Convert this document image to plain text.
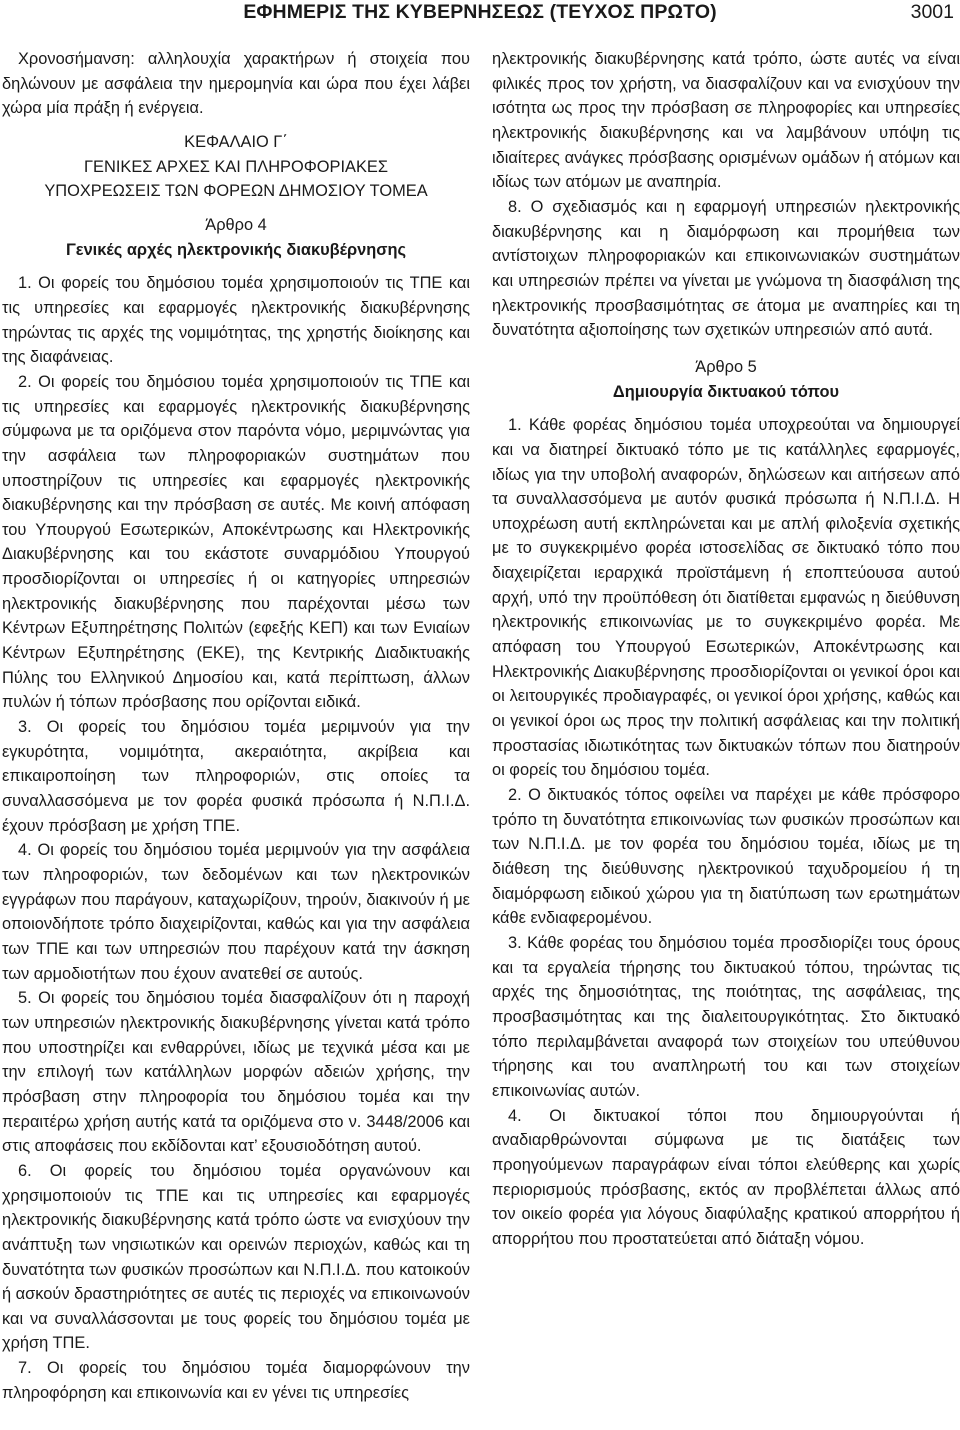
ΕΦΗΜΕΡΙΣ ΤΗΣ ΚΥΒΕΡΝΗΣΕΩΣ (ΤΕΥΧΟΣ ΠΡΩΤΟ)	3001

Χρονοσήμανση: αλληλουχία χαρακτήρων ή στοιχεία που δηλώνουν με ασφάλεια την ημερομηνία και ώρα που έχει λάβει χώρα μία πράξη ή ενέργεια.

ΚΕΦΑΛΑΙΟ Γ΄

ΓΕΝΙΚΕΣ ΑΡΧΕΣ ΚΑΙ ΠΛΗΡΟΦΟΡΙΑΚΕΣ

ΥΠΟΧΡΕΩΣΕΙΣ ΤΩΝ ΦΟΡΕΩΝ ΔΗΜΟΣΙΟΥ ΤΟΜΕΑ

Άρθρο 4

Γενικές αρχές ηλεκτρονικής διακυβέρνησης

1. Οι φορείς του δημόσιου τομέα χρησιμοποιούν τις ΤΠΕ και τις υπηρεσίες και εφαρμογές ηλεκτρονικής διακυβέρνησης τηρώντας τις αρχές της νομιμότητας, της χρηστής διοίκησης και της διαφάνειας.

2. Οι φορείς του δημόσιου τομέα χρησιμοποιούν τις ΤΠΕ και τις υπηρεσίες και εφαρμογές ηλεκτρονικής διακυβέρνησης σύμφωνα με τα οριζόμενα στον παρόντα νόμο, μεριμνώντας για την ασφάλεια των πληροφοριακών συστημάτων που υποστηρίζουν τις υπηρεσίες και εφαρμογές ηλεκτρονικής διακυβέρνησης και την πρόσβαση σε αυτές. Με κοινή απόφαση του Υπουργού Εσωτερικών, Αποκέντρωσης και Ηλεκτρονικής Διακυβέρνησης και του εκάστοτε συναρμόδιου Υπουργού προσδιορίζονται οι υπηρεσίες ή οι κατηγορίες υπηρεσιών ηλεκτρονικής διακυβέρνησης που παρέχονται μέσω των Κέντρων Εξυπηρέτησης Πολιτών (εφεξής ΚΕΠ) και των Ενιαίων Κέντρων Εξυπηρέτησης (ΕΚΕ), της Κεντρικής Διαδικτυακής Πύλης του Ελληνικού Δημοσίου και, κατά περίπτωση, άλλων πυλών ή τόπων πρόσβασης που ορίζονται ειδικά.

3. Οι φορείς του δημόσιου τομέα μεριμνούν για την εγκυρότητα, νομιμότητα, ακεραιότητα, ακρίβεια και επικαιροποίηση των πληροφοριών, στις οποίες τα συναλλασσόμενα με τον φορέα φυσικά πρόσωπα ή Ν.Π.Ι.Δ. έχουν πρόσβαση με χρήση ΤΠΕ.

4. Οι φορείς του δημόσιου τομέα μεριμνούν για την ασφάλεια των πληροφοριών, των δεδομένων και των ηλεκτρονικών εγγράφων που παράγουν, καταχωρίζουν, τηρούν, διακινούν ή με οποιονδήποτε τρόπο διαχειρίζονται, καθώς και για την ασφάλεια των ΤΠΕ και των υπηρεσιών που παρέχουν κατά την άσκηση των αρμοδιοτήτων που έχουν ανατεθεί σε αυτούς.

5. Οι φορείς του δημόσιου τομέα διασφαλίζουν ότι η παροχή των υπηρεσιών ηλεκτρονικής διακυβέρνησης γίνεται κατά τρόπο που υποστηρίζει και ενθαρρύνει, ιδίως με τεχνικά μέσα και με την επιλογή των κατάλληλων μορφών αδειών χρήσης, την πρόσβαση στην πληροφορία του δημόσιου τομέα και την περαιτέρω χρήση αυτής κατά τα οριζόμενα στο ν. 3448/2006 και στις αποφάσεις που εκδίδονται κατ’ εξουσιοδότηση αυτού.

6. Οι φορείς του δημόσιου τομέα οργανώνουν και χρησιμοποιούν τις ΤΠΕ και τις υπηρεσίες και εφαρμογές ηλεκτρονικής διακυβέρνησης κατά τρόπο ώστε να ενισχύουν την ανάπτυξη των νησιωτικών και ορεινών περιοχών, καθώς και τη δυνατότητα των φυσικών προσώπων και Ν.Π.Ι.Δ. που κατοικούν ή ασκούν δραστηριότητες σε αυτές τις περιοχές να επικοινωνούν και να συναλλάσσονται με τους φορείς του δημόσιου τομέα με χρήση ΤΠΕ.

7. Οι φορείς του δημόσιου τομέα διαμορφώνουν την πληροφόρηση και επικοινωνία και εν γένει τις υπηρεσίες

ηλεκτρονικής διακυβέρνησης κατά τρόπο, ώστε αυτές να είναι φιλικές προς τον χρήστη, να διασφαλίζουν και να ενισχύουν την ισότητα ως προς την πρόσβαση σε πληροφορίες και υπηρεσίες ηλεκτρονικής διακυβέρνησης και να λαμβάνουν υπόψη τις ιδιαίτερες ανάγκες πρόσβασης ορισμένων ομάδων ή ατόμων και ιδίως των ατόμων με αναπηρία.

8. Ο σχεδιασμός και η εφαρμογή υπηρεσιών ηλεκτρονικής διακυβέρνησης και η διαμόρφωση και προμήθεια των αντίστοιχων πληροφοριακών και επικοινωνιακών συστημάτων και υπηρεσιών πρέπει να γίνεται με γνώμονα τη διασφάλιση της ηλεκτρονικής προσβασιμότητας σε άτομα με αναπηρίες και τη δυνατότητα αξιοποίησης των σχετικών υπηρεσιών από αυτά.

Άρθρο 5

Δημιουργία δικτυακού τόπου

1. Κάθε φορέας δημόσιου τομέα υποχρεούται να δημιουργεί και να διατηρεί δικτυακό τόπο με τις κατάλληλες εφαρμογές, ιδίως για την υποβολή αναφορών, δηλώσεων και αιτήσεων από τα συναλλασσόμενα με αυτόν φυσικά πρόσωπα ή Ν.Π.Ι.Δ. Η υποχρέωση αυτή εκπληρώνεται και με απλή φιλοξενία σχετικής με το συγκεκριμένο φορέα ιστοσελίδας σε δικτυακό τόπο που διαχειρίζεται ιεραρχικά προϊστάμενη ή εποπτεύουσα αυτού αρχή, υπό την προϋπόθεση ότι διατίθεται εμφανώς η διεύθυνση ηλεκτρονικής επικοινωνίας με το συγκεκριμένο φορέα. Με απόφαση του Υπουργού Εσωτερικών, Αποκέντρωσης και Ηλεκτρονικής Διακυβέρνησης προσδιορίζονται οι γενικοί όροι και οι λειτουργικές προδιαγραφές, οι γενικοί όροι χρήσης, καθώς και οι γενικοί όροι ως προς την πολιτική ασφάλειας και την πολιτική προστασίας ιδιωτικότητας των δικτυακών τόπων που διατηρούν οι φορείς του δημόσιου τομέα.

2. Ο δικτυακός τόπος οφείλει να παρέχει με κάθε πρόσφορο τρόπο τη δυνατότητα επικοινωνίας των φυσικών προσώπων και των Ν.Π.Ι.Δ. με τον φορέα του δημόσιου τομέα, ιδίως με τη διάθεση της διεύθυνσης ηλεκτρονικού ταχυδρομείου ή τη διαμόρφωση ειδικού χώρου για τη διατύπωση των ερωτημάτων κάθε ενδιαφερομένου.

3. Κάθε φορέας του δημόσιου τομέα προσδιορίζει τους όρους και τα εργαλεία τήρησης του δικτυακού τόπου, τηρώντας τις αρχές της δημοσιότητας, της ποιότητας, της ασφάλειας, της προσβασιμότητας και της διαλειτουργικότητας. Στο δικτυακό τόπο περιλαμβάνεται αναφορά των στοιχείων του υπεύθυνου τήρησης και του αναπληρωτή του και των στοιχείων επικοινωνίας αυτών.

4. Οι δικτυακοί τόποι που δημιουργούνται ή αναδιαρθρώνονται σύμφωνα με τις διατάξεις των προηγούμενων παραγράφων είναι τόποι ελεύθερης και χωρίς περιορισμούς πρόσβασης, εκτός αν προβλέπεται άλλως από τον οικείο φορέα για λόγους διαφύλαξης κρατικού απορρήτου ή απορρήτου που προστατεύεται από διάταξη νόμου.
